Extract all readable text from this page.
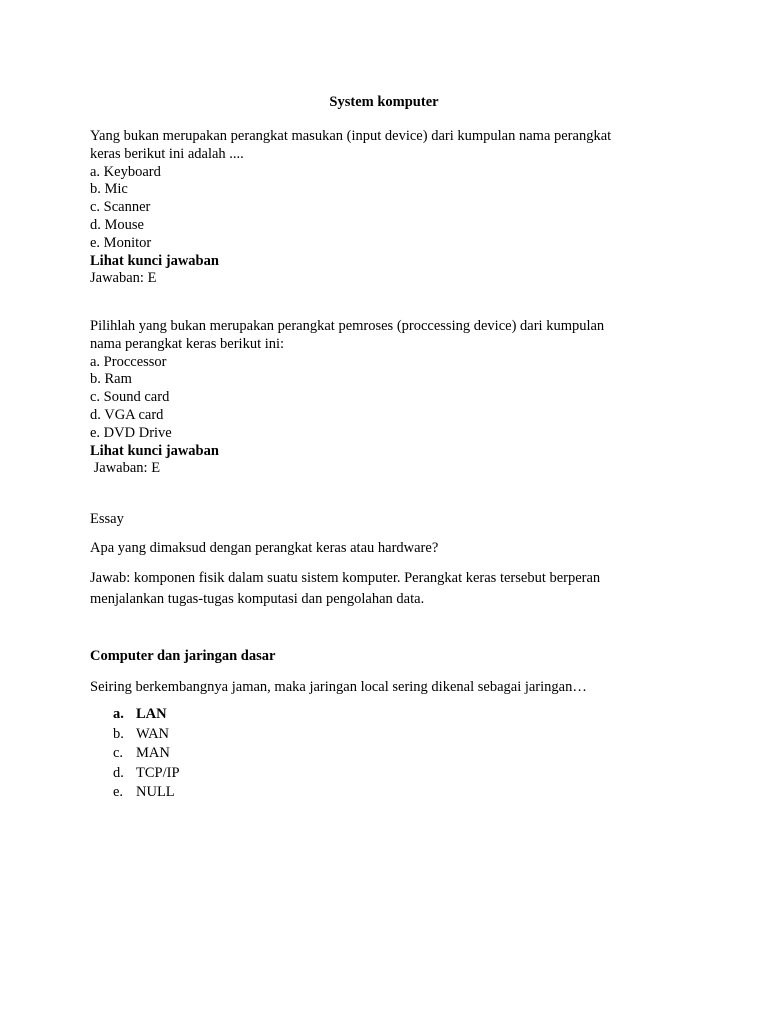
System komputer
Yang bukan merupakan perangkat masukan (input device) dari kumpulan nama perangkat
keras berikut ini adalah ....
a. Keyboard
b. Mic
c. Scanner
d. Mouse
e. Monitor
Lihat kunci jawaban
Jawaban: E
Pilihlah yang bukan merupakan perangkat pemroses (proccessing device) dari kumpulan
nama perangkat keras berikut ini:
a. Proccessor
b. Ram
c. Sound card
d. VGA card
e. DVD Drive
Lihat kunci jawaban
Jawaban: E
Essay
Apa yang dimaksud dengan perangkat keras atau hardware?
Jawab: komponen fisik dalam suatu sistem komputer. Perangkat keras tersebut berperan
menjalankan tugas-tugas komputasi dan pengolahan data.
Computer dan jaringan dasar
Seiring berkembangnya jaman, maka jaringan local sering dikenal sebagai jaringan…
a. LAN
b. WAN
c. MAN
d. TCP/IP
e. NULL
